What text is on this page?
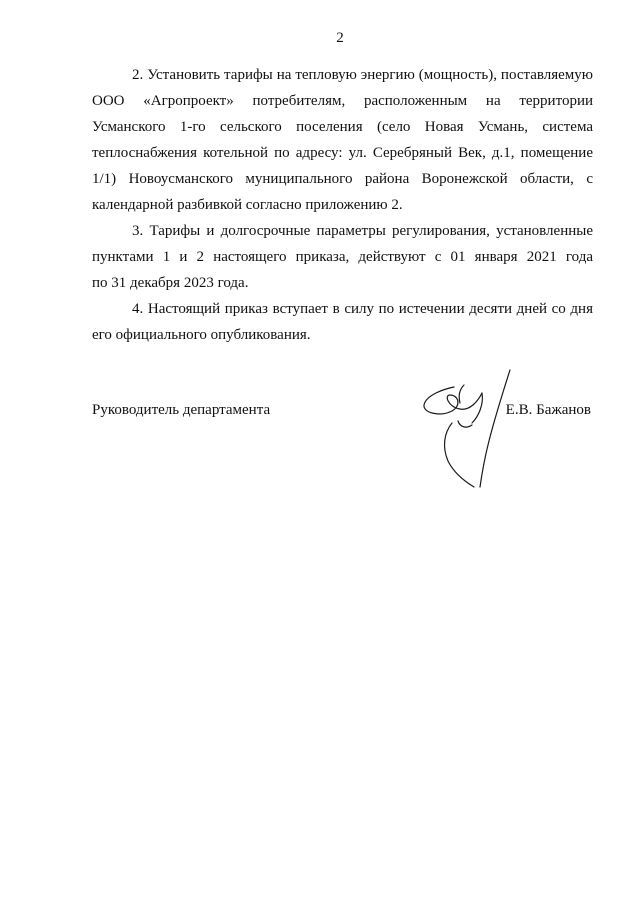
2
2. Установить тарифы на тепловую энергию (мощность), поставляемую
ООО «Агропроект» потребителям, расположенным на территории
Усманского 1-го сельского поселения (село Новая Усмань, система
теплоснабжения котельной по адресу: ул. Серебряный Век, д.1, помещение
1/1) Новоусманского муниципального района Воронежской области, с
календарной разбивкой согласно приложению 2.
3. Тарифы и долгосрочные параметры регулирования, установленные
пунктами 1 и 2 настоящего приказа, действуют с 01 января 2021 года
по 31 декабря 2023 года.
4. Настоящий приказ вступает в силу по истечении десяти дней со дня
его официального опубликования.
Руководитель департамента	Е.В. Бажанов
